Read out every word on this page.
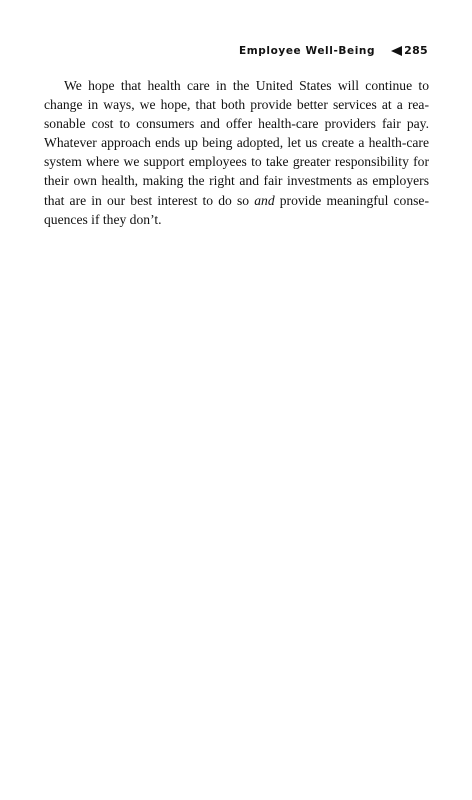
Employee Well-Being	285

We hope that health care in the United States will continue to change in ways, we hope, that both provide better services at a reasonable cost to consumers and offer health-care providers fair pay. Whatever approach ends up being adopted, let us create a health-care system where we support employees to take greater responsibility for their own health, making the right and fair investments as employers that are in our best interest to do so and provide meaningful consequences if they don’t.
